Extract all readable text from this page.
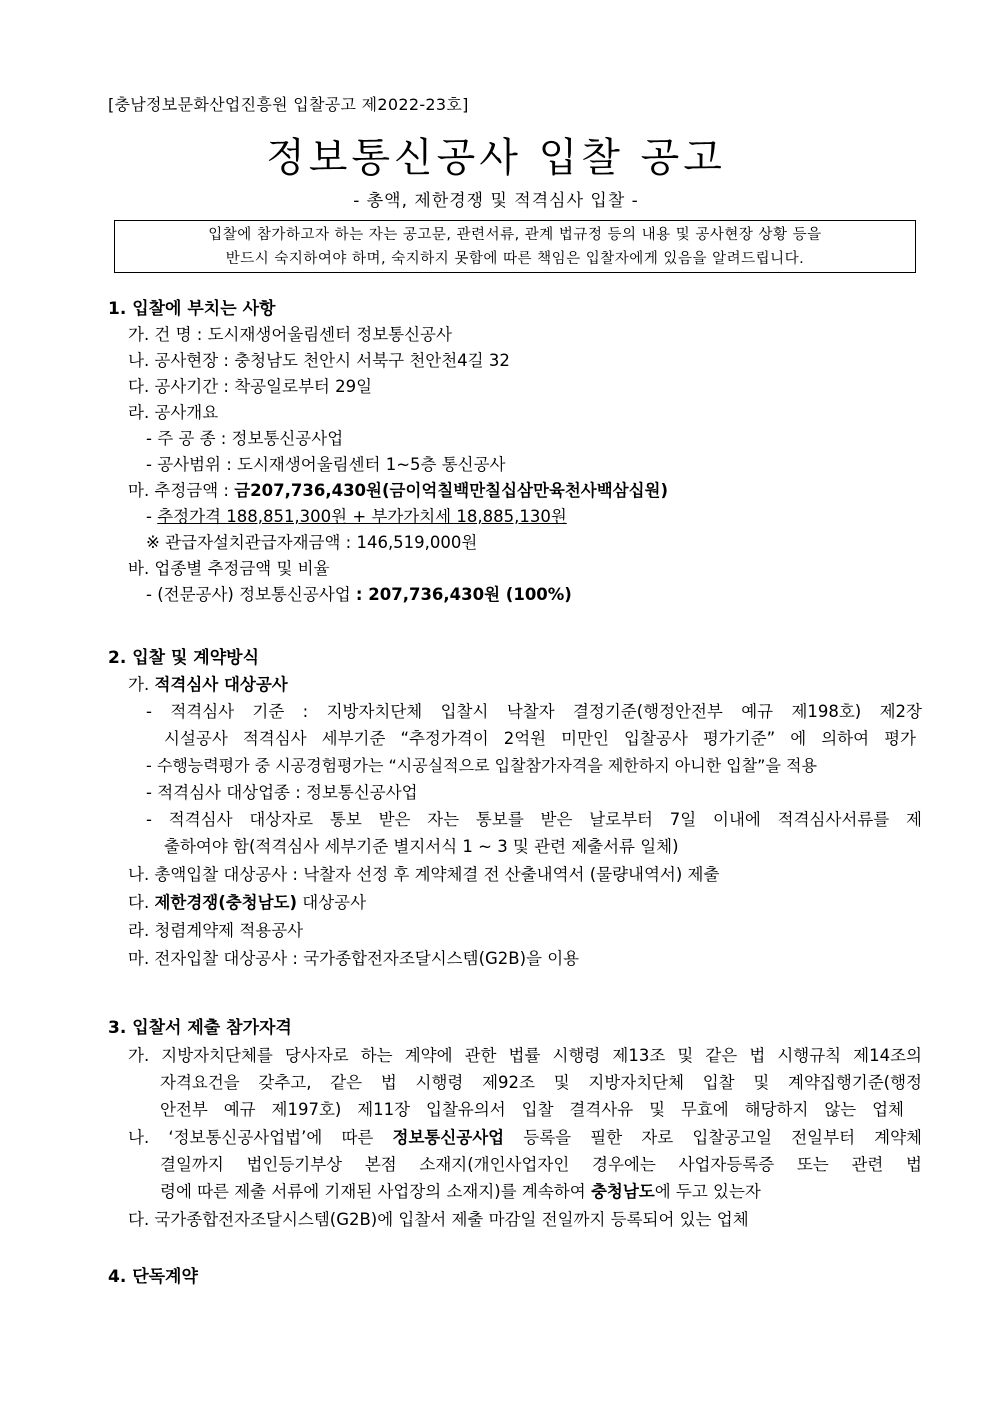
[충남정보문화산업진흥원 입찰공고 제2022-23호]
정보통신공사 입찰 공고
- 총액, 제한경쟁 및 적격심사 입찰 -
입찰에 참가하고자 하는 자는 공고문, 관련서류, 관계 법규정 등의 내용 및 공사현장 상황 등을
반드시 숙지하여야 하며, 숙지하지 못함에 따른 책임은 입찰자에게 있음을 알려드립니다.
1. 입찰에 부치는 사항
가. 건 명 : 도시재생어울림센터 정보통신공사
나. 공사현장 : 충청남도 천안시 서북구 천안천4길 32
다. 공사기간 : 착공일로부터 29일
라. 공사개요
- 주 공 종 : 정보통신공사업
- 공사범위 : 도시재생어울림센터 1~5층 통신공사
마. 추정금액 : 금207,736,430원(금이억칠백만칠십삼만육천사백삼십원)
- 추정가격 188,851,300원 + 부가가치세 18,885,130원
※ 관급자설치관급자재금액 : 146,519,000원
바. 업종별 추정금액 및 비율
- (전문공사) 정보통신공사업 : 207,736,430원 (100%)
2. 입찰 및 계약방식
가. 적격심사 대상공사
- 적격심사 기준 : 지방자치단체 입찰시 낙찰자 결정기준(행정안전부 예규 제198호) 제2장
시설공사 적격심사 세부기준 “추정가격이 2억원 미만인 입찰공사 평가기준” 에 의하여 평가
- 수행능력평가 중 시공경험평가는 “시공실적으로 입찰참가자격을 제한하지 아니한 입찰”을 적용
- 적격심사 대상업종 : 정보통신공사업
- 적격심사 대상자로 통보 받은 자는 통보를 받은 날로부터 7일 이내에 적격심사서류를 제
출하여야 함(적격심사 세부기준 별지서식 1 ~ 3 및 관련 제출서류 일체)
나. 총액입찰 대상공사 : 낙찰자 선정 후 계약체결 전 산출내역서 (물량내역서) 제출
다. 제한경쟁(충청남도) 대상공사
라. 청렴계약제 적용공사
마. 전자입찰 대상공사 : 국가종합전자조달시스템(G2B)을 이용
3. 입찰서 제출 참가자격
가. 지방자치단체를 당사자로 하는 계약에 관한 법률 시행령 제13조 및 같은 법 시행규칙 제14조의
자격요건을 갖추고, 같은 법 시행령 제92조 및 지방자치단체 입찰 및 계약집행기준(행정
안전부 예규 제197호) 제11장 입찰유의서 입찰 결격사유 및 무효에 해당하지 않는 업체
나. ‘정보통신공사업법’에 따른 정보통신공사업 등록을 필한 자로 입찰공고일 전일부터 계약체
결일까지 법인등기부상 본점 소재지(개인사업자인 경우에는 사업자등록증 또는 관련 법
령에 따른 제출 서류에 기재된 사업장의 소재지)를 계속하여 충청남도에 두고 있는자
다. 국가종합전자조달시스템(G2B)에 입찰서 제출 마감일 전일까지 등록되어 있는 업체
4. 단독계약
